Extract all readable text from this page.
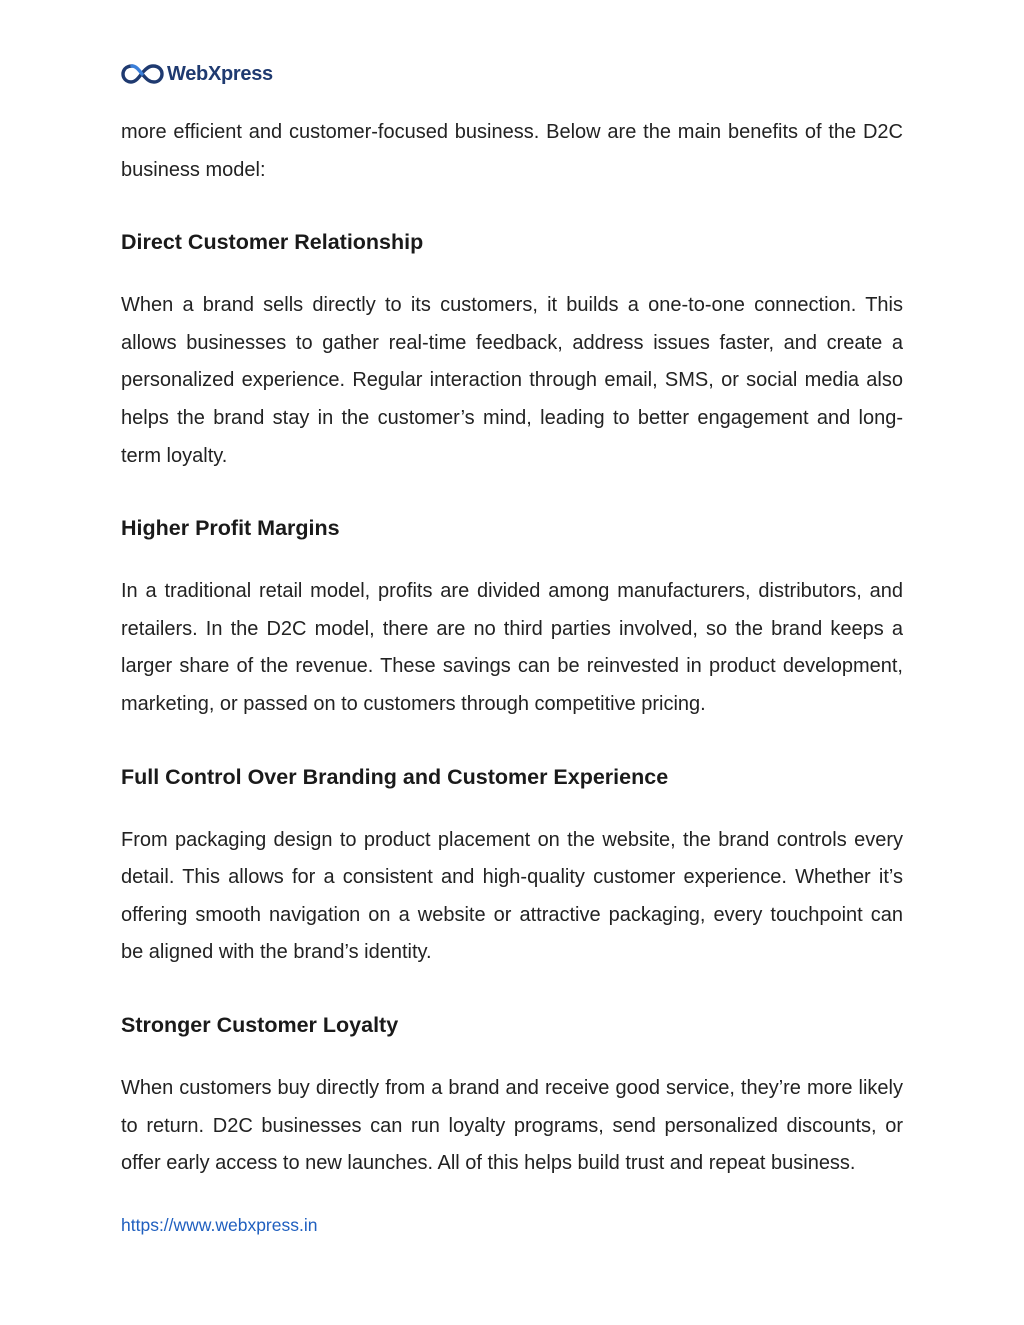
WebXpress

more efficient and customer-focused business. Below are the main benefits of the D2C business model:

Direct Customer Relationship

When a brand sells directly to its customers, it builds a one-to-one connection. This allows businesses to gather real-time feedback, address issues faster, and create a personalized experience. Regular interaction through email, SMS, or social media also helps the brand stay in the customer’s mind, leading to better engagement and long-term loyalty.

Higher Profit Margins

In a traditional retail model, profits are divided among manufacturers, distributors, and retailers. In the D2C model, there are no third parties involved, so the brand keeps a larger share of the revenue. These savings can be reinvested in product development, marketing, or passed on to customers through competitive pricing.

Full Control Over Branding and Customer Experience

From packaging design to product placement on the website, the brand controls every detail. This allows for a consistent and high-quality customer experience. Whether it’s offering smooth navigation on a website or attractive packaging, every touchpoint can be aligned with the brand’s identity.

Stronger Customer Loyalty

When customers buy directly from a brand and receive good service, they’re more likely to return. D2C businesses can run loyalty programs, send personalized discounts, or offer early access to new launches. All of this helps build trust and repeat business.

https://www.webxpress.in
